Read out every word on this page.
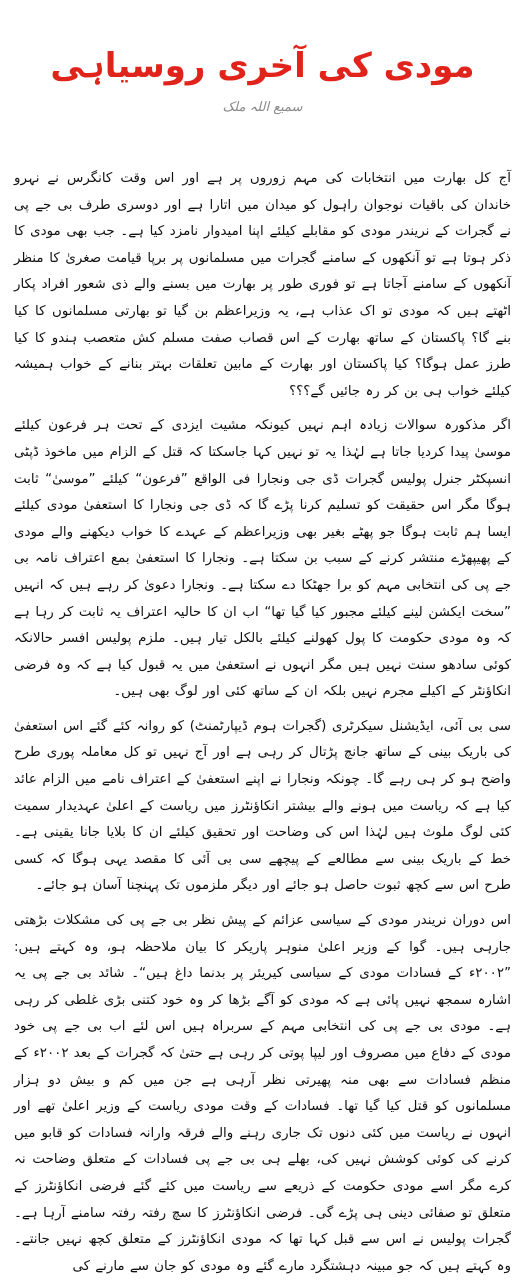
مودی کی آخری روسیاہی
سمیع اللہ ملک

آج کل بھارت میں انتخابات کی مہم زوروں پر ہے اور اس وقت کانگرس نے نہرو خاندان کی باقیات نوجوان راہول کو میدان میں اتارا ہے اور دوسری طرف بی جے پی نے گجرات کے نریندر مودی کو مقابلے کیلئے اپنا امیدوار نامزد کیا ہے۔ جب بھی مودی کا ذکر ہوتا ہے تو آنکھوں کے سامنے گجرات میں مسلمانوں پر برپا قیامت صغریٰ کا منظر آنکھوں کے سامنے آجاتا ہے تو فوری طور پر بھارت میں بسنے والے ذی شعور افراد پکار اٹھتے ہیں کہ مودی تو اک عذاب ہے، یہ وزیراعظم بن گیا تو بھارتی مسلمانوں کا کیا بنے گا؟ پاکستان کے ساتھ بھارت کے اس قصاب صفت مسلم کش متعصب ہندو کا کیا طرز عمل ہوگا؟ کیا پاکستان اور بھارت کے مابین تعلقات بہتر بنانے کے خواب ہمیشہ کیلئے خواب ہی بن کر رہ جائیں گے؟؟؟

اگر مذکورہ سوالات زیادہ اہم نہیں کیونکہ مشیت ایزدی کے تحت ہر فرعون کیلئے موسیٰ پیدا کردیا جاتا ہے لہٰذا یہ تو نہیں کہا جاسکتا کہ قتل کے الزام میں ماخوذ ڈپٹی انسپکٹر جنرل پولیس گجرات ڈی جی ونجارا فی الواقع ”فرعون“ کیلئے ”موسیٰ“ ثابت ہوگا مگر اس حقیقت کو تسلیم کرنا پڑے گا کہ ڈی جی ونجارا کا استعفیٰ مودی کیلئے ایسا ہم ثابت ہوگا جو پھٹے بغیر بھی وزیراعظم کے عہدے کا خواب دیکھنے والے مودی کے پھیپھڑے منتشر کرنے کے سبب بن سکتا ہے۔ ونجارا کا استعفیٰ بمع اعتراف نامہ بی جے پی کی انتخابی مہم کو برا جھٹکا دے سکتا ہے۔ ونجارا دعویٰ کر رہے ہیں کہ انہیں ”سخت ایکشن لینے کیلئے مجبور کیا گیا تھا“ اب ان کا حالیہ اعتراف یہ ثابت کر رہا ہے کہ وہ مودی حکومت کا پول کھولنے کیلئے بالکل تیار ہیں۔ ملزم پولیس افسر حالانکہ کوئی سادھو سنت نہیں ہیں مگر انہوں نے استعفیٰ میں یہ قبول کیا ہے کہ وہ فرضی انکاؤنٹر کے اکیلے مجرم نہیں بلکہ ان کے ساتھ کئی اور لوگ بھی ہیں۔

سی بی آئی، ایڈیشنل سیکرٹری (گجرات ہوم ڈیپارٹمنٹ) کو روانہ کئے گئے اس استعفیٰ کی باریک بینی کے ساتھ جانچ پڑتال کر رہی ہے اور آج نہیں تو کل معاملہ پوری طرح واضح ہو کر ہی رہے گا۔ چونکہ ونجارا نے اپنے استعفیٰ کے اعتراف نامے میں الزام عائد کیا ہے کہ ریاست میں ہونے والے بیشتر انکاؤنٹرز میں ریاست کے اعلیٰ عہدیدار سمیت کئی لوگ ملوث ہیں لہٰذا اس کی وضاحت اور تحقیق کیلئے ان کا بلایا جانا یقینی ہے۔ خط کے باریک بینی سے مطالعے کے پیچھے سی بی آئی کا مقصد یہی ہوگا کہ کسی طرح اس سے کچھ ثبوت حاصل ہو جائے اور دیگر ملزموں تک پہنچنا آسان ہو جائے۔

اس دوران نریندر مودی کے سیاسی عزائم کے پیش نظر بی جے پی کی مشکلات بڑھتی جارہی ہیں۔ گوا کے وزیر اعلیٰ منوہر پاریکر کا بیان ملاحظہ ہو، وہ کہتے ہیں: ”۲۰۰۲ء کے فسادات مودی کے سیاسی کیریئر پر بدنما داغ ہیں“۔ شائد بی جے پی یہ اشارہ سمجھ نہیں پائی ہے کہ مودی کو آگے بڑھا کر وہ خود کتنی بڑی غلطی کر رہی ہے۔ مودی بی جے پی کی انتخابی مہم کے سربراہ ہیں اس لئے اب بی جے پی خود مودی کے دفاع میں مصروف اور لیپا پوتی کر رہی ہے حتیٰ کہ گجرات کے بعد ۲۰۰۲ء کے منظم فسادات سے بھی منہ پھیرتی نظر آرہی ہے جن میں کم و بیش دو ہزار مسلمانوں کو قتل کیا گیا تھا۔ فسادات کے وقت مودی ریاست کے وزیر اعلیٰ تھے اور انہوں نے ریاست میں کئی دنوں تک جاری رہنے والے فرقہ وارانہ فسادات کو قابو میں کرنے کی کوئی کوشش نہیں کی، بھلے ہی بی جے پی فسادات کے متعلق وضاحت نہ کرے مگر اسے مودی حکومت کے ذریعے سے ریاست میں کئے گئے فرضی انکاؤنٹرز کے متعلق تو صفائی دینی ہی پڑے گی۔ فرضی انکاؤنٹرز کا سچ رفتہ رفتہ سامنے آرہا ہے۔ گجرات پولیس نے اس سے قبل کہا تھا کہ مودی انکاؤنٹرز کے متعلق کچھ نہیں جانتے۔ وہ کہتے ہیں کہ جو مبینہ دہشتگرد مارے گئے وہ مودی کو جان سے مارنے کی
